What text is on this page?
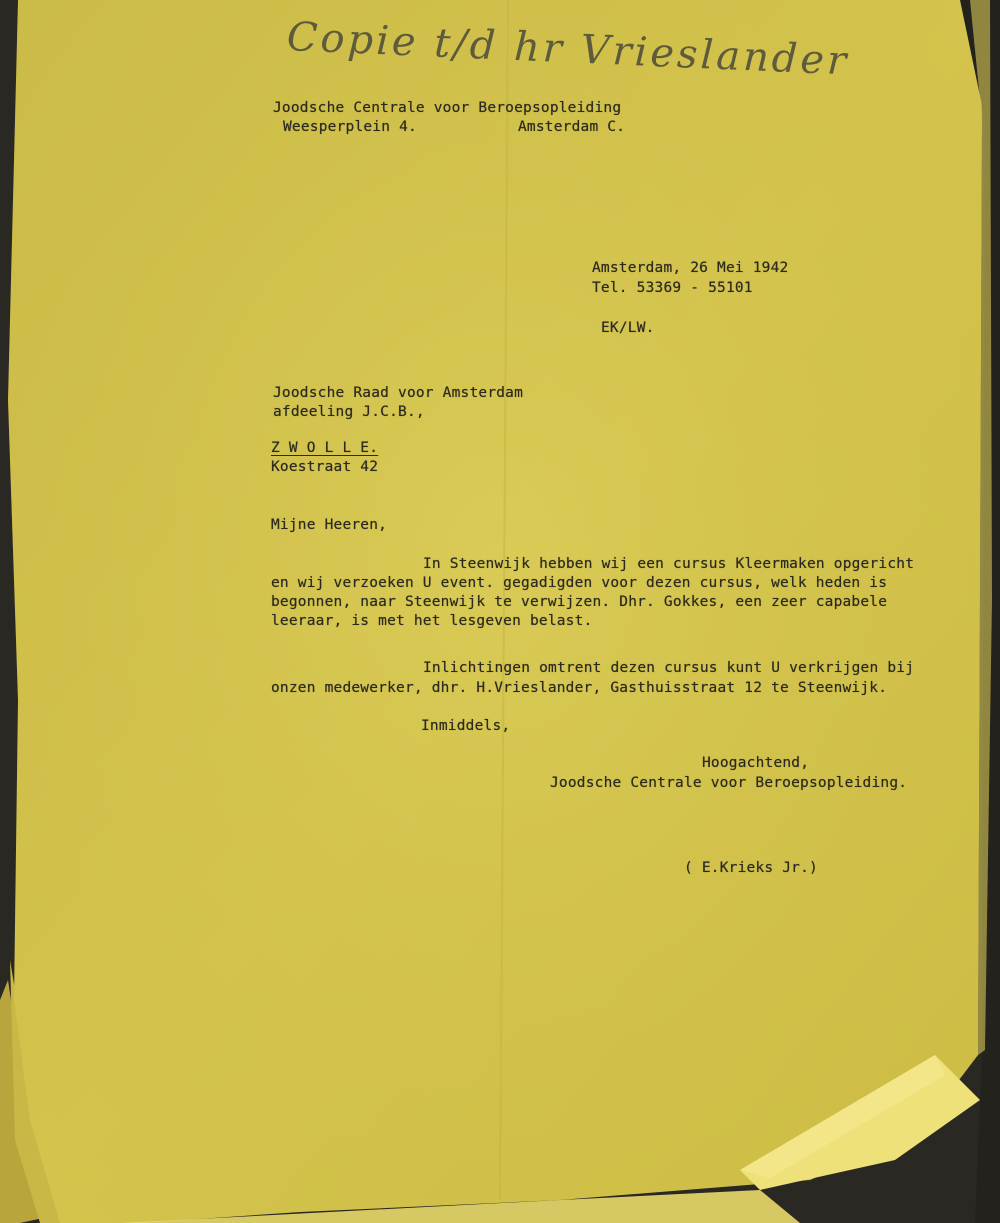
Copie t/d hr Vrieslander
Joodsche Centrale voor Beroepsopleiding
Weesperplein 4.	Amsterdam C.
Amsterdam, 26 Mei 1942
Tel. 53369 - 55101
EK/LW.
Joodsche Raad voor Amsterdam
afdeeling J.C.B.,
Z W O L L E.
Koestraat 42
Mijne Heeren,
In Steenwijk hebben wij een cursus Kleermaken opgericht
en wij verzoeken U event. gegadigden voor dezen cursus, welk heden is
begonnen, naar Steenwijk te verwijzen. Dhr. Gokkes, een zeer capabele
leeraar, is met het lesgeven belast.
Inlichtingen omtrent dezen cursus kunt U verkrijgen bij
onzen medewerker, dhr. H.Vrieslander, Gasthuisstraat 12 te Steenwijk.
Inmiddels,
Hoogachtend,
Joodsche Centrale voor Beroepsopleiding.
( E.Krieks Jr.)
